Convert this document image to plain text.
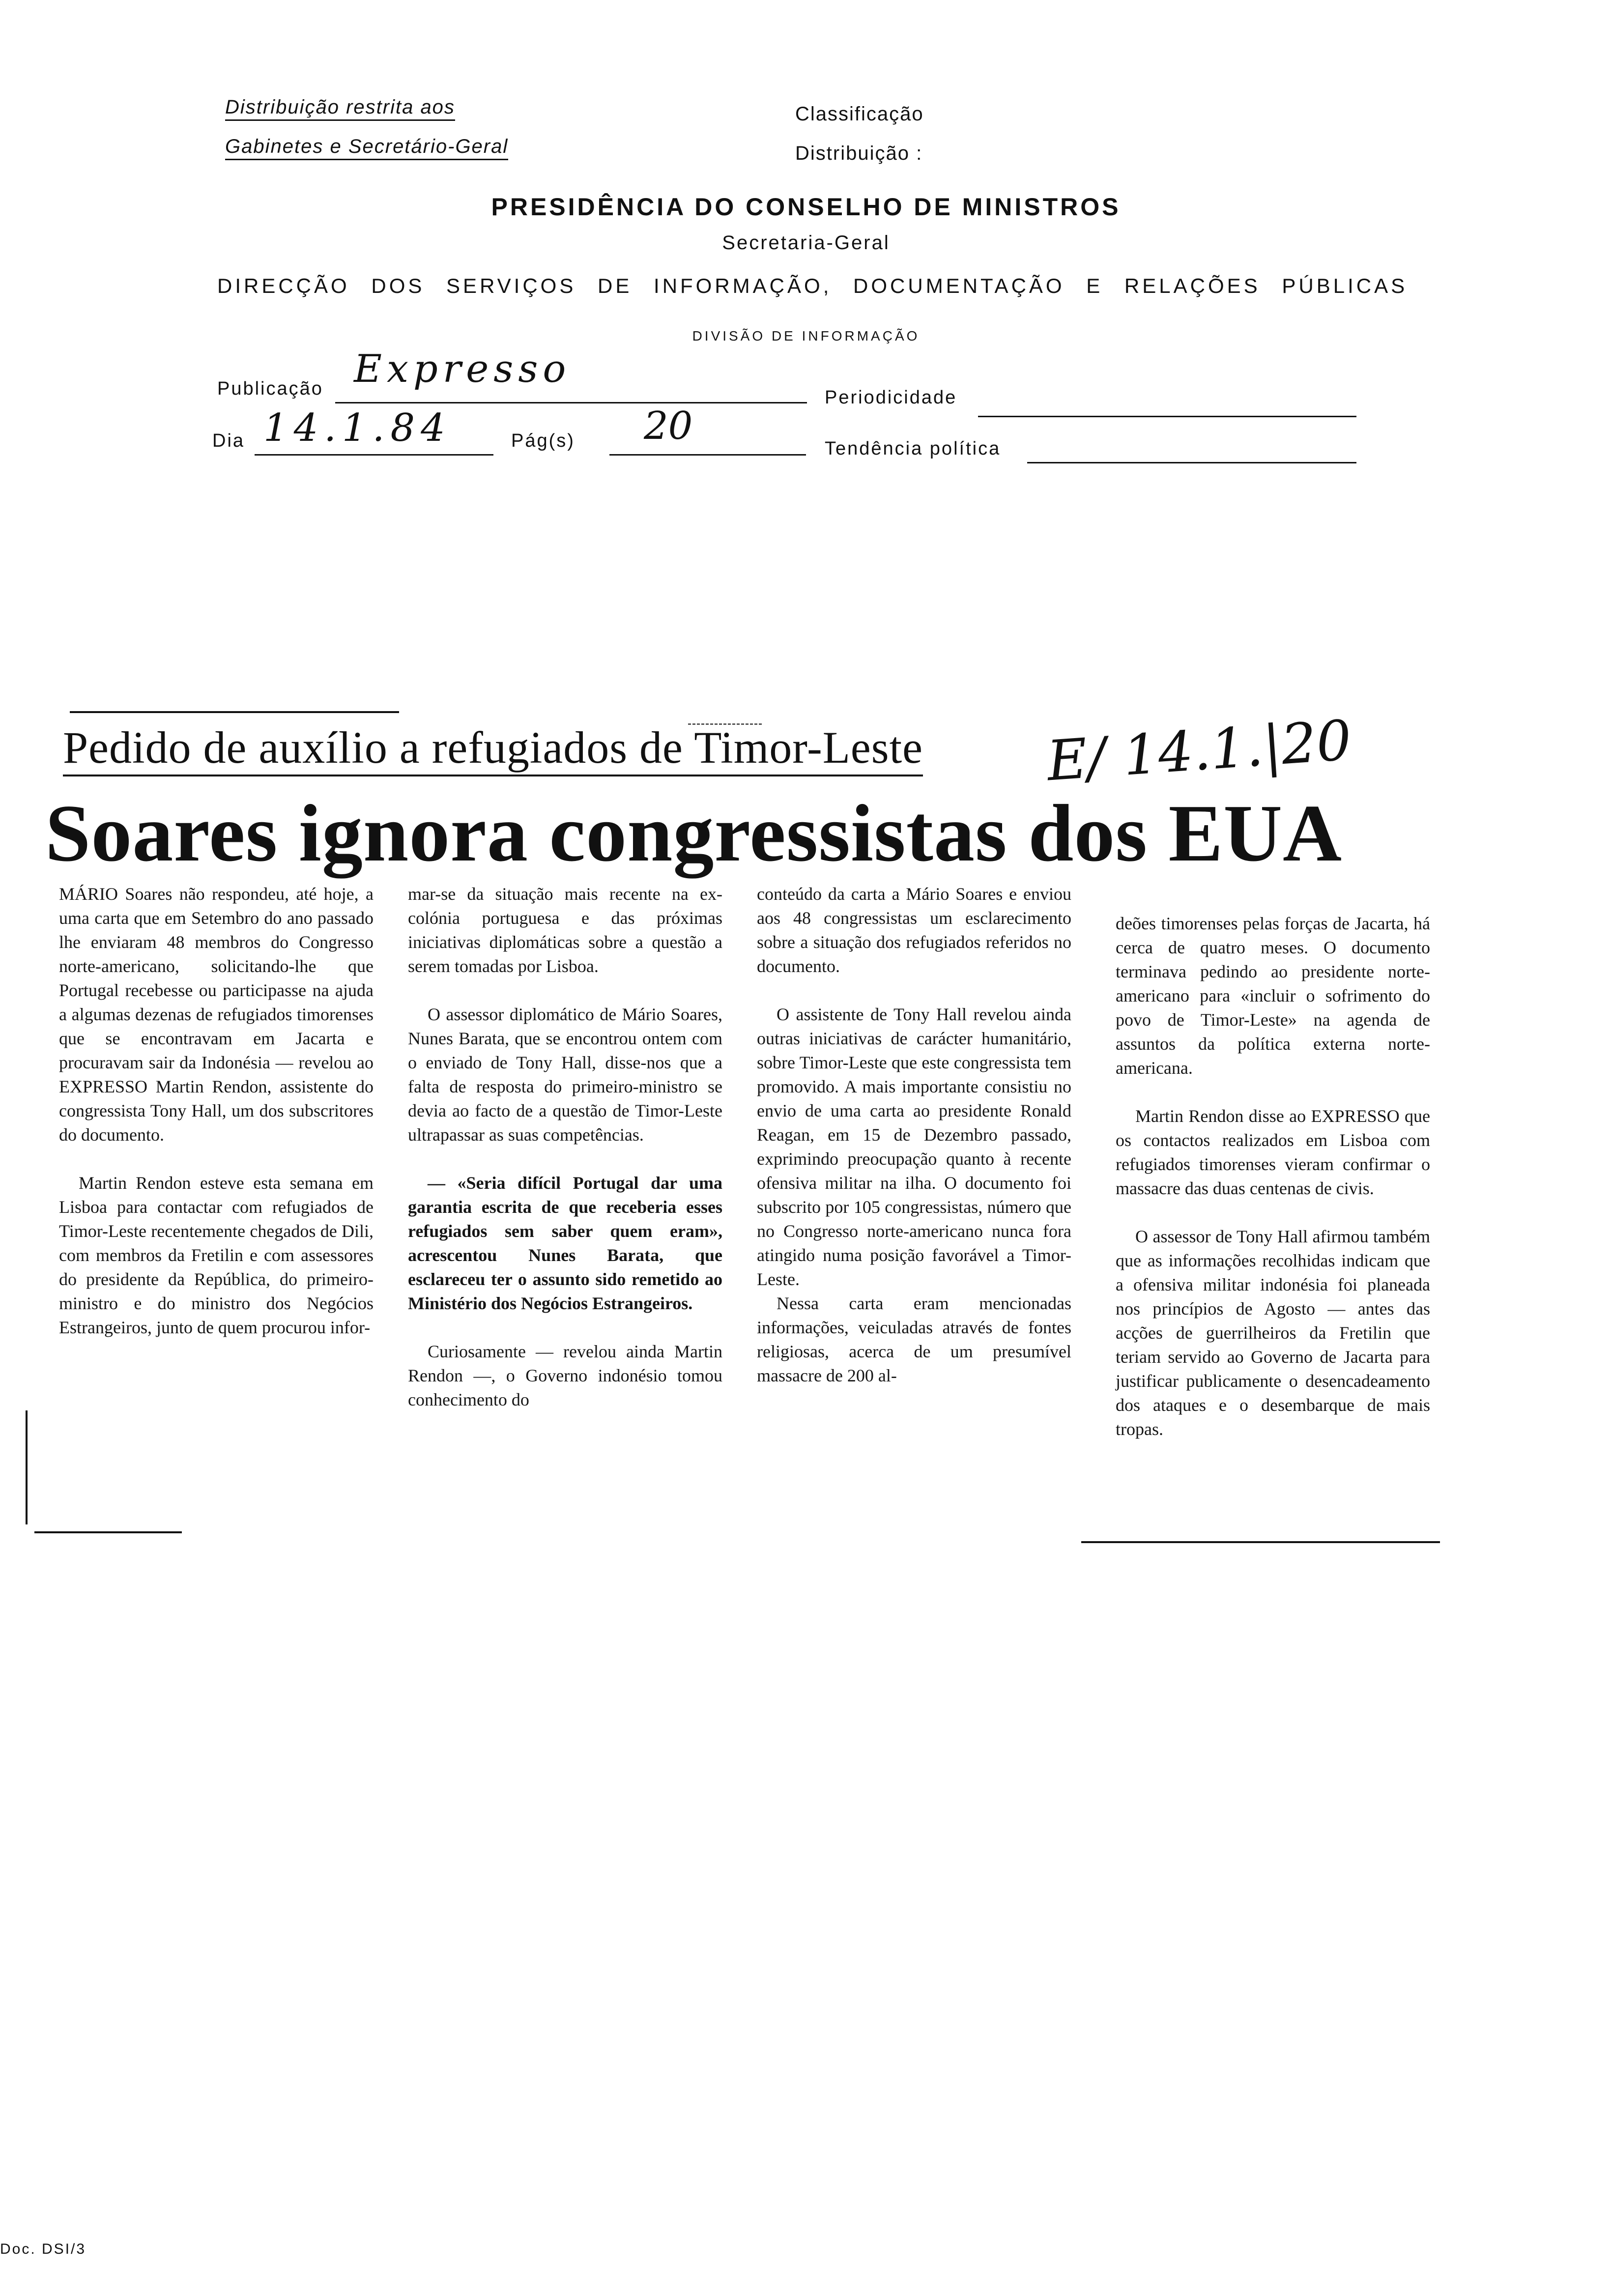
Distribuição restrita aos
Gabinetes e Secretário-Geral
Classificação
Distribuição :
PRESIDÊNCIA DO CONSELHO DE MINISTROS
Secretaria-Geral
DIRECÇÃO DOS SERVIÇOS DE INFORMAÇÃO, DOCUMENTAÇÃO E RELAÇÕES PÚBLICAS
DIVISÃO DE INFORMAÇÃO
Publicação Expresso
Periodicidade
Dia 14.1.84	Pág(s) 20
Tendência política
Pedido de auxílio a refugiados de Timor-Leste E/ 14.1.|20
Soares ignora congressistas dos EUA

MÁRIO Soares não respondeu, até hoje, a uma carta que em Setembro do ano passado lhe enviaram 48 membros do Congresso norte-americano, solicitando-lhe que Portugal recebesse ou participasse na ajuda a algumas dezenas de refugiados timorenses que se encontravam em Jacarta e procuravam sair da Indonésia — revelou ao EXPRESSO Martin Rendon, assistente do congressista Tony Hall, um dos subscritores do documento.

Martin Rendon esteve esta semana em Lisboa para contactar com refugiados de Timor-Leste recentemente chegados de Dili, com membros da Fretilin e com assessores do presidente da República, do primeiro-ministro e do ministro dos Negócios Estrangeiros, junto de quem procurou infor-

mar-se da situação mais recente na ex-colónia portuguesa e das próximas iniciativas diplomáticas sobre a questão a serem tomadas por Lisboa.

O assessor diplomático de Mário Soares, Nunes Barata, que se encontrou ontem com o enviado de Tony Hall, disse-nos que a falta de resposta do primeiro-ministro se devia ao facto de a questão de Timor-Leste ultrapassar as suas competências.

— «Seria difícil Portugal dar uma garantia escrita de que receberia esses refugiados sem saber quem eram», acrescentou Nunes Barata, que esclareceu ter o assunto sido remetido ao Ministério dos Negócios Estrangeiros.

Curiosamente — revelou ainda Martin Rendon —, o Governo indonésio tomou conhecimento do

conteúdo da carta a Mário Soares e enviou aos 48 congressistas um esclarecimento sobre a situação dos refugiados referidos no documento.

O assistente de Tony Hall revelou ainda outras iniciativas de carácter humanitário, sobre Timor-Leste que este congressista tem promovido. A mais importante consistiu no envio de uma carta ao presidente Ronald Reagan, em 15 de Dezembro passado, exprimindo preocupação quanto à recente ofensiva militar na ilha. O documento foi subscrito por 105 congressistas, número que no Congresso norte-americano nunca fora atingido numa posição favorável a Timor-Leste.

Nessa carta eram mencionadas informações, veiculadas através de fontes religiosas, acerca de um presumível massacre de 200 al-

deões timorenses pelas forças de Jacarta, há cerca de quatro meses. O documento terminava pedindo ao presidente norte-americano para «incluir o sofrimento do povo de Timor-Leste» na agenda de assuntos da política externa norte-americana.

Martin Rendon disse ao EXPRESSO que os contactos realizados em Lisboa com refugiados timorenses vieram confirmar o massacre das duas centenas de civis.

O assessor de Tony Hall afirmou também que as informações recolhidas indicam que a ofensiva militar indonésia foi planeada nos princípios de Agosto — antes das acções de guerrilheiros da Fretilin que teriam servido ao Governo de Jacarta para justificar publicamente o desencadeamento dos ataques e o desembarque de mais tropas.

Doc. DSI/3
